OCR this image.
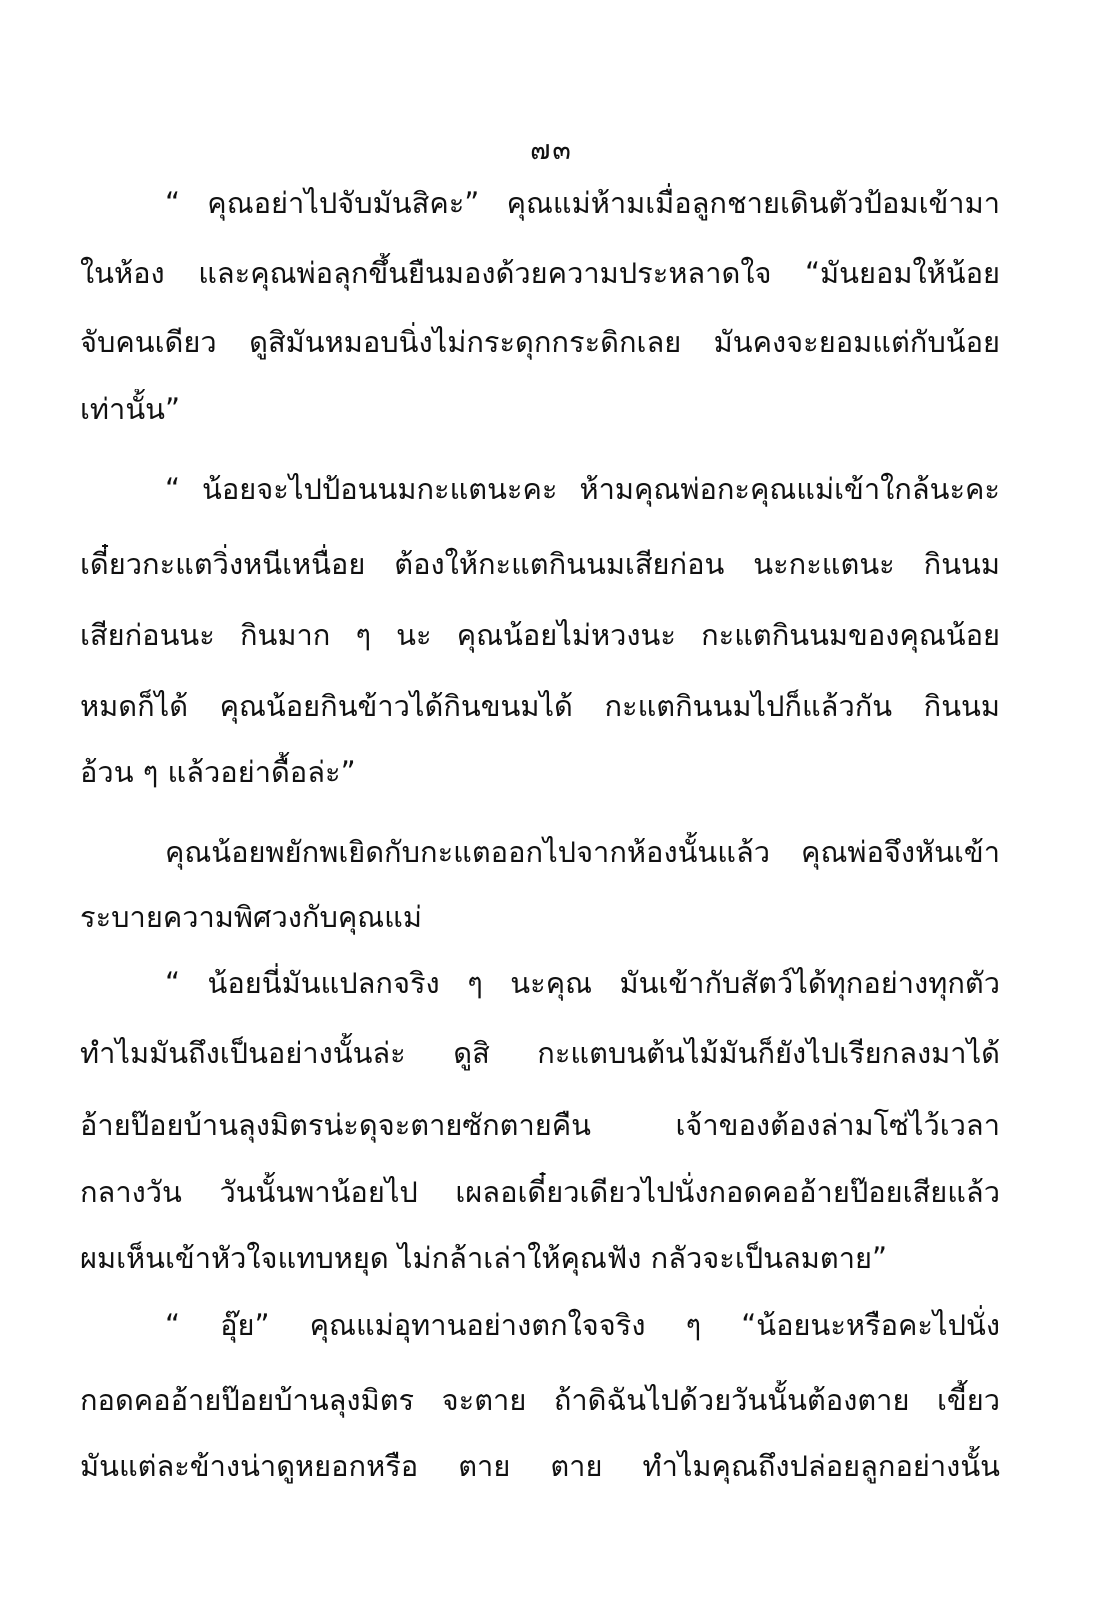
๗๓
“ คุณอย่าไปจับมันสิคะ” คุณแม่ห้ามเมื่อลูกชายเดินตัวป้อมเข้ามา
ในห้อง และคุณพ่อลุกขึ้นยืนมองด้วยความประหลาดใจ “มันยอมให้น้อย
จับคนเดียว ดูสิมันหมอบนิ่งไม่กระดุกกระดิกเลย มันคงจะยอมแต่กับน้อย
เท่านั้น”
“ น้อยจะไปป้อนนมกะแตนะคะ ห้ามคุณพ่อกะคุณแม่เข้าใกล้นะคะ
เดี๋ยวกะแตวิ่งหนีเหนื่อย ต้องให้กะแตกินนมเสียก่อน นะกะแตนะ กินนม
เสียก่อนนะ กินมาก ๆ นะ คุณน้อยไม่หวงนะ กะแตกินนมของคุณน้อย
หมดก็ได้ คุณน้อยกินข้าวได้กินขนมได้ กะแตกินนมไปก็แล้วกัน กินนม
อ้วน ๆ แล้วอย่าดื้อล่ะ”
คุณน้อยพยักพเยิดกับกะแตออกไปจากห้องนั้นแล้ว คุณพ่อจึงหันเข้า
ระบายความพิศวงกับคุณแม่
“ น้อยนี่มันแปลกจริง ๆ นะคุณ มันเข้ากับสัตว์ได้ทุกอย่างทุกตัว
ทำไมมันถึงเป็นอย่างนั้นล่ะ ดูสิ กะแตบนต้นไม้มันก็ยังไปเรียกลงมาได้
อ้ายป๊อยบ้านลุงมิตรน่ะดุจะตายซักตายคืน เจ้าของต้องล่ามโซ่ไว้เวลา
กลางวัน วันนั้นพาน้อยไป เผลอเดี๋ยวเดียวไปนั่งกอดคออ้ายป๊อยเสียแล้ว
ผมเห็นเข้าหัวใจแทบหยุด ไม่กล้าเล่าให้คุณฟัง กลัวจะเป็นลมตาย”
“ อุ๊ย” คุณแม่อุทานอย่างตกใจจริง ๆ “น้อยนะหรือคะไปนั่ง
กอดคออ้ายป๊อยบ้านลุงมิตร จะตาย ถ้าดิฉันไปด้วยวันนั้นต้องตาย เขี้ยว
มันแต่ละข้างน่าดูหยอกหรือ ตาย ตาย ทำไมคุณถึงปล่อยลูกอย่างนั้น
